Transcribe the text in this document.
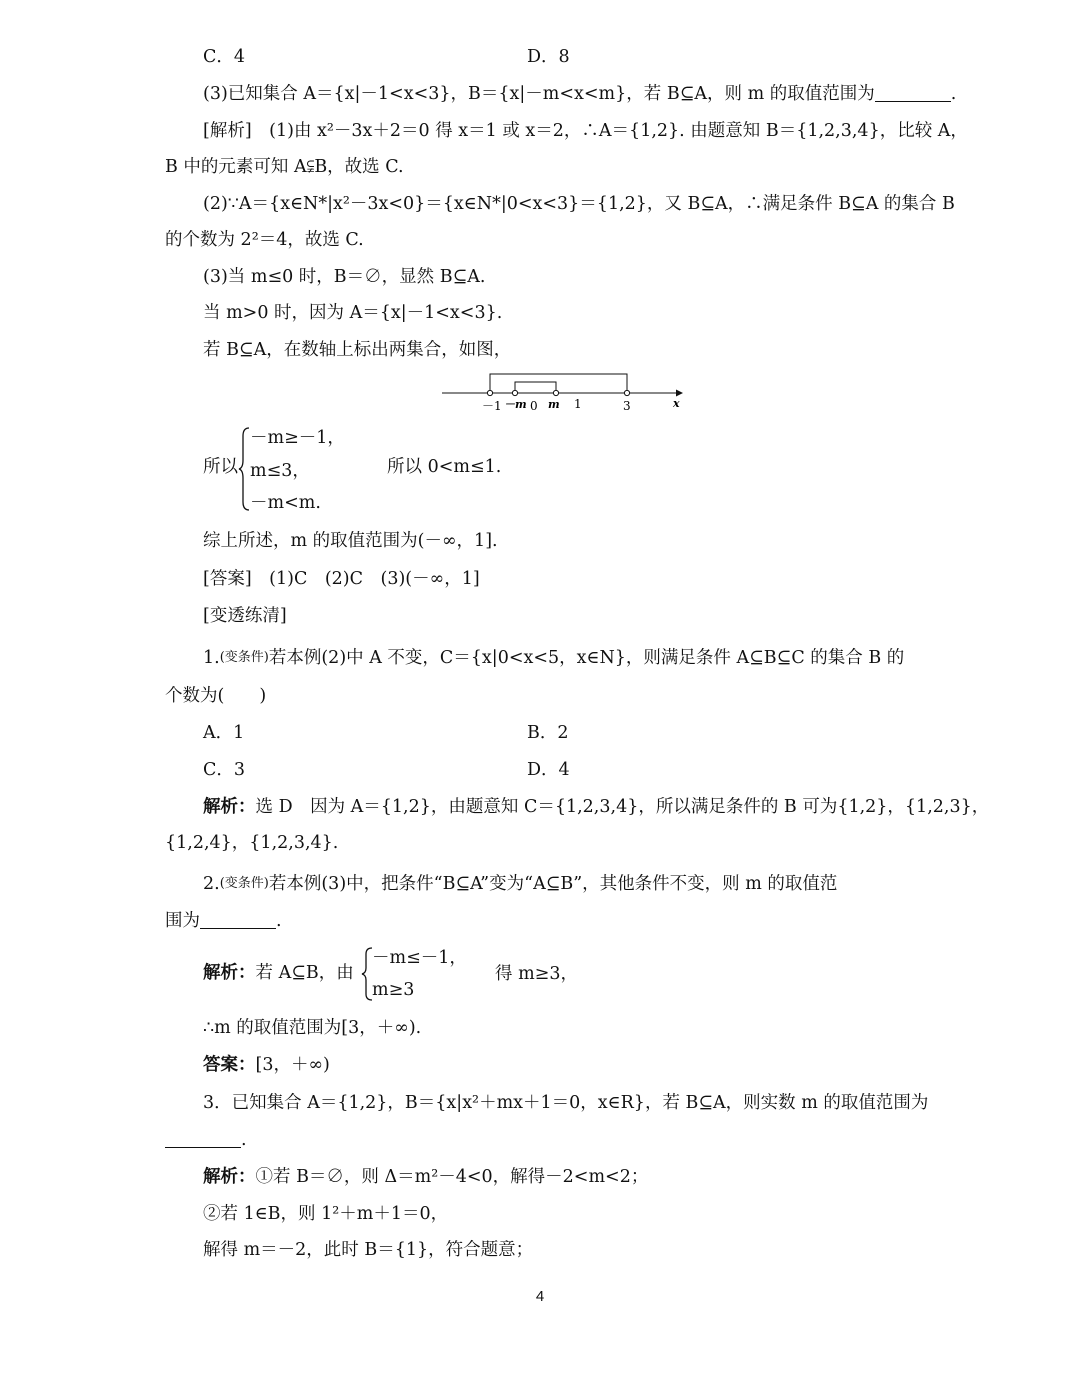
C．4	D．8
(3)已知集合 A＝{x|－1<x<3}，B＝{x|－m<x<m}，若 B⊆A，则 m 的取值范围为	.
[解析]　(1)由 x²－3x＋2＝0 得 x＝1 或 x＝2，∴A＝{1,2}. 由题意知 B＝{1,2,3,4}，比较 A，
B 中的元素可知 A⫋B，故选 C.
(2)∵A＝{x∈N*|x²－3x<0}＝{x∈N*|0<x<3}＝{1,2}，又 B⊆A，∴满足条件 B⊆A 的集合 B
的个数为 2²＝4，故选 C.
(3)当 m≤0 时，B＝∅，显然 B⊆A.
当 m>0 时，因为 A＝{x|－1<x<3}.
若 B⊆A，在数轴上标出两集合，如图，
－1 －m 0 m 1	3	x
所以
－m≥－1，
m≤3，
－m<m.
所以 0<m≤1.
综上所述，m 的取值范围为(－∞，1].
[答案]　(1)C　(2)C　(3)(－∞，1]
[变透练清]
1.(变条件)若本例(2)中 A 不变，C＝{x|0<x<5，x∈N}，则满足条件 A⊆B⊆C 的集合 B 的
个数为(　　)
A．1	B．2
C．3	D．4
解析：选 D　因为 A＝{1,2}，由题意知 C＝{1,2,3,4}，所以满足条件的 B 可为{1,2}，{1,2,3}，
{1,2,4}，{1,2,3,4}.
2.(变条件)若本例(3)中，把条件“B⊆A”变为“A⊆B”，其他条件不变，则 m 的取值范
围为	.
解析：若 A⊆B，由
－m≤－1，
m≥3
得 m≥3，
∴m 的取值范围为[3，＋∞).
答案：[3，＋∞)
3．已知集合 A＝{1,2}，B＝{x|x²＋mx＋1＝0，x∈R}，若 B⊆A，则实数 m 的取值范围为
.
解析：①若 B＝∅，则 Δ＝m²－4<0，解得－2<m<2；
②若 1∈B，则 1²＋m＋1＝0，
解得 m＝－2，此时 B＝{1}，符合题意；
4
